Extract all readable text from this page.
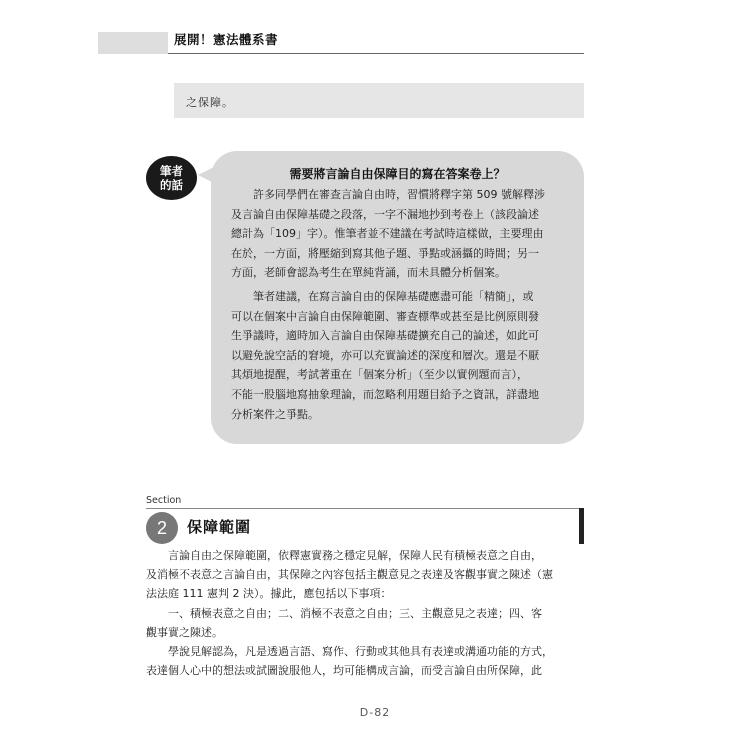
展開！憲法體系書
之保障。
筆者
的話
需要將言論自由保障目的寫在答案卷上？
許多同學們在審查言論自由時，習慣將釋字第 509 號解釋涉
及言論自由保障基礎之段落，一字不漏地抄到考卷上（該段論述
總計為「109」字）。惟筆者並不建議在考試時這樣做，主要理由
在於，一方面，將壓縮到寫其他子題、爭點或涵攝的時間；另一
方面，老師會認為考生在單純背誦，而未具體分析個案。
筆者建議，在寫言論自由的保障基礎應盡可能「精簡」，或
可以在個案中言論自由保障範圍、審查標準或甚至是比例原則發
生爭議時，適時加入言論自由保障基礎擴充自己的論述，如此可
以避免說空話的窘境，亦可以充實論述的深度和層次。還是不厭
其煩地提醒，考試著重在「個案分析」（至少以實例題而言），
不能一股腦地寫抽象理論，而忽略利用題目給予之資訊，詳盡地
分析案件之爭點。
Section
2	保障範圍
言論自由之保障範圍，依釋憲實務之穩定見解，保障人民有積極表意之自由，
及消極不表意之言論自由，其保障之內容包括主觀意見之表達及客觀事實之陳述（憲
法法庭 111 憲判 2 決）。據此，應包括以下事項：
一、積極表意之自由；二、消極不表意之自由；三、主觀意見之表達；四、客
觀事實之陳述。
學說見解認為，凡是透過言語、寫作、行動或其他具有表達或溝通功能的方式，
表達個人心中的想法或試圖說服他人，均可能構成言論，而受言論自由所保障，此
D-82
